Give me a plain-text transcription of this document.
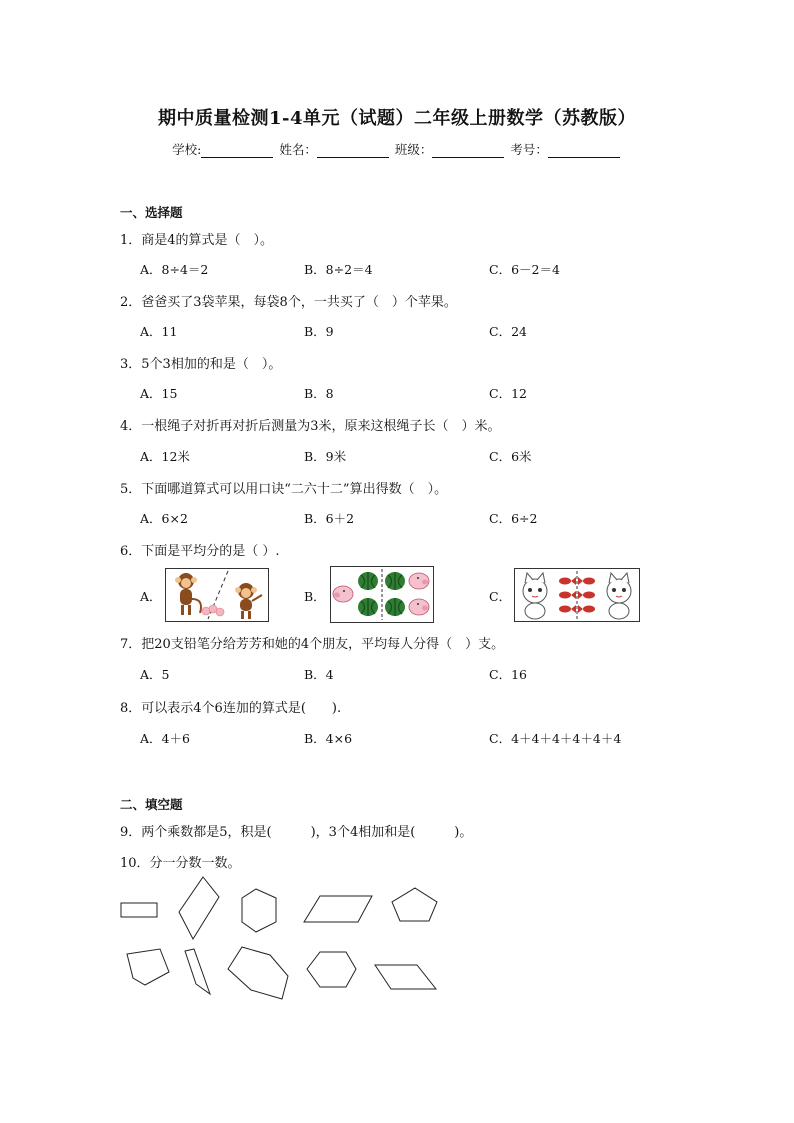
期中质量检测1-4单元（试题）二年级上册数学（苏教版）
学校:	姓名：	班级：	考号：
一、选择题
1．商是4的算式是（　）。
A．8÷4＝2	B．8÷2＝4	C．6－2＝4
2．爸爸买了3袋苹果，每袋8个，一共买了（　）个苹果。
A．11	B．9	C．24
3．5个3相加的和是（　）。
A．15	B．8	C．12
4．一根绳子对折再对折后测量为3米，原来这根绳子长（　）米。
A．12米	B．9米	C．6米
5．下面哪道算式可以用口诀“二六十二”算出得数（　）。
A．6×2	B．6＋2	C．6÷2
6．下面是平均分的是（ ）.
A．	B．	C．
7．把20支铅笔分给芳芳和她的4个朋友，平均每人分得（　）支。
A．5	B．4	C．16
8．可以表示4个6连加的算式是(　　).
A．4＋6	B．4×6	C．4＋4＋4＋4＋4＋4
二、填空题
9．两个乘数都是5，积是(　　　)，3个4相加和是(　　　)。
10．分一分数一数。
